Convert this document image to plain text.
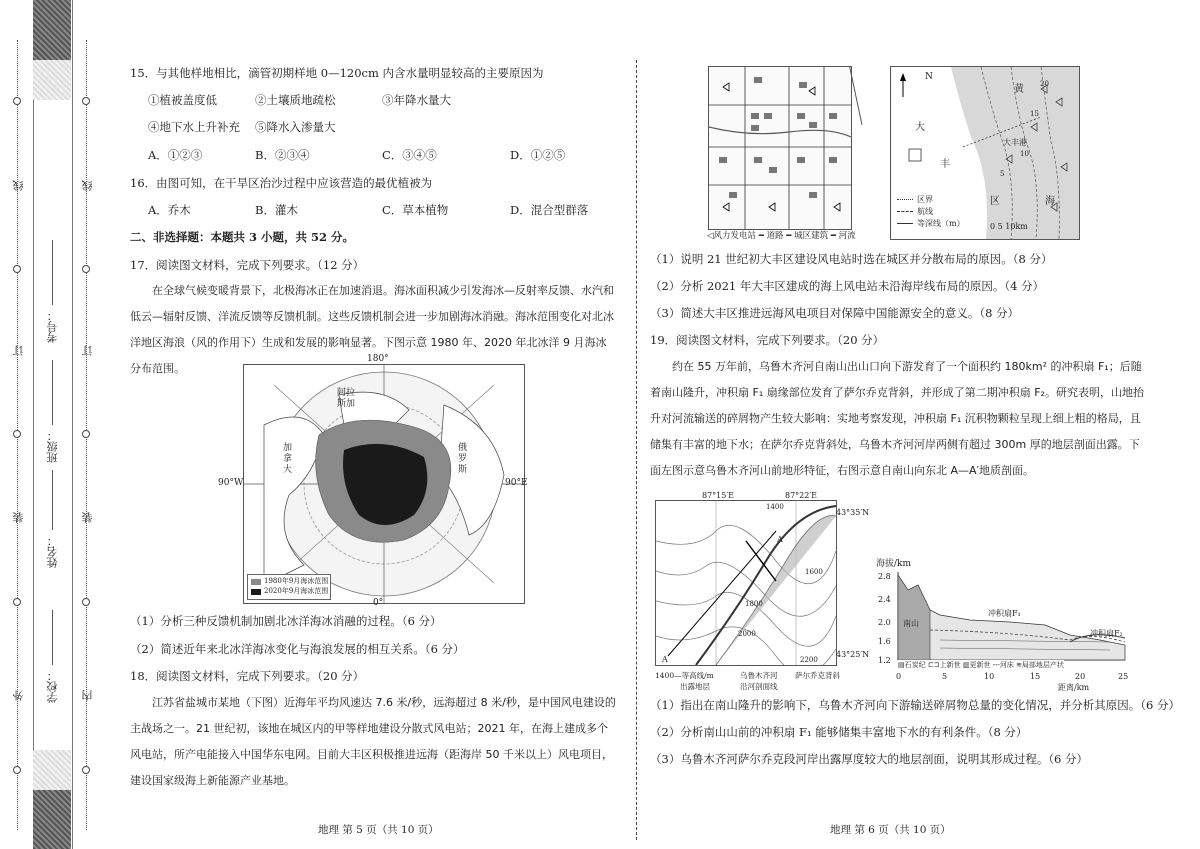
外
装
订
线
内
装
订
线
学校：
姓名：
班级：
考号：
15．与其他样地相比，滴管初期样地 0—120cm 内含水量明显较高的主要原因为
①植被盖度低	②土壤质地疏松	③年降水量大
④地下水上升补充 ⑤降水入渗量大
A．①②③	B．②③④	C．③④⑤	D．①②⑤
16．由图可知，在干旱区治沙过程中应该营造的最优植被为
A．乔木	B．灌木	C．草本植物	D．混合型群落
二、非选择题：本题共 3 小题，共 52 分。
17．阅读图文材料，完成下列要求。（12 分）
在全球气候变暖背景下，北极海冰正在加速消退。海冰面积减少引发海冰—反射率反馈、水汽和低云—辐射反馈、洋流反馈等反馈机制。这些反馈机制会进一步加剧海冰消融。海冰范围变化对北冰洋地区海浪（风的作用下）生成和发展的影响显著。下图示意 1980 年、2020 年北冰洋 9 月海冰分布范围。
180°
0°
90°W	90°E
阿拉斯加
加拿大
俄罗斯
1980年9月海冰范围
2020年9月海冰范围
（1）分析三种反馈机制加剧北冰洋海冰消融的过程。（6 分）
（2）简述近年来北冰洋海冰变化与海浪发展的相互关系。（6 分）
18．阅读图文材料，完成下列要求。（20 分）
江苏省盐城市某地（下图）近海年平均风速达 7.6 米/秒，远海超过 8 米/秒，是中国风电建设的主战场之一。21 世纪初，该地在城区内的甲等样地建设分散式风电站；2021 年，在海上建成多个风电站，所产电能接入中国华东电网。目前大丰区积极推进远海（距海岸 50 千米以上）风电项目，建设国家级海上新能源产业基地。
地理 第 5 页（共 10 页）
◁风力发电站 ━ 道路 ━ 城区建筑 ━ 河流
N
大
丰
区
黄
海
大丰港
20
15
10
5
区界
航线
等深线（m）	0 5 10km
（1）说明 21 世纪初大丰区建设风电站时选在城区并分散布局的原因。（8 分）
（2）分析 2021 年大丰区建成的海上风电站未沿海岸线布局的原因。（4 分）
（3）简述大丰区推进远海风电项目对保障中国能源安全的意义。（8 分）
19．阅读图文材料，完成下列要求。（20 分）
约在 55 万年前，乌鲁木齐河自南山出山口向下游发育了一个面积约 180km² 的冲积扇 F₁；后随着南山隆升，冲积扇 F₁ 扇缘部位发育了萨尔乔克背斜，并形成了第二期冲积扇 F₂。研究表明，山地抬升对河流输送的碎屑物产生较大影响：实地考察发现，冲积扇 F₁ 沉积物颗粒呈现上细上粗的格局，且储集有丰富的地下水；在萨尔乔克背斜处，乌鲁木齐河河岸两侧有超过 300m 厚的地层剖面出露。下面左图示意乌鲁木齐河山前地形特征，右图示意自南山向东北 A—A′地质剖面。
87°15′E	87°22′E
43°35′N
43°25′N
1400
1600
1800
2000
2200
A
A′
1400—等高线/m	乌鲁木齐河 萨尔乔克背斜
出露地层	沿河剖面线
海拔/km
2.8
2.4
2.0
1.6
1.2
0	5	10	15	20	25
距离/km
南山
冲积扇F₁
冲积扇F₂
▤石炭纪 ⊏⊐上新世 ▥更新世 ---河床 ≋局部地层产状
（1）指出在南山隆升的影响下，乌鲁木齐河向下游输送碎屑物总量的变化情况，并分析其原因。（6 分）
（2）分析南山山前的冲积扇 F₁ 能够储集丰富地下水的有利条件。（8 分）
（3）乌鲁木齐河萨尔乔克段河岸出露厚度较大的地层剖面，说明其形成过程。（6 分）
地理 第 6 页（共 10 页）
